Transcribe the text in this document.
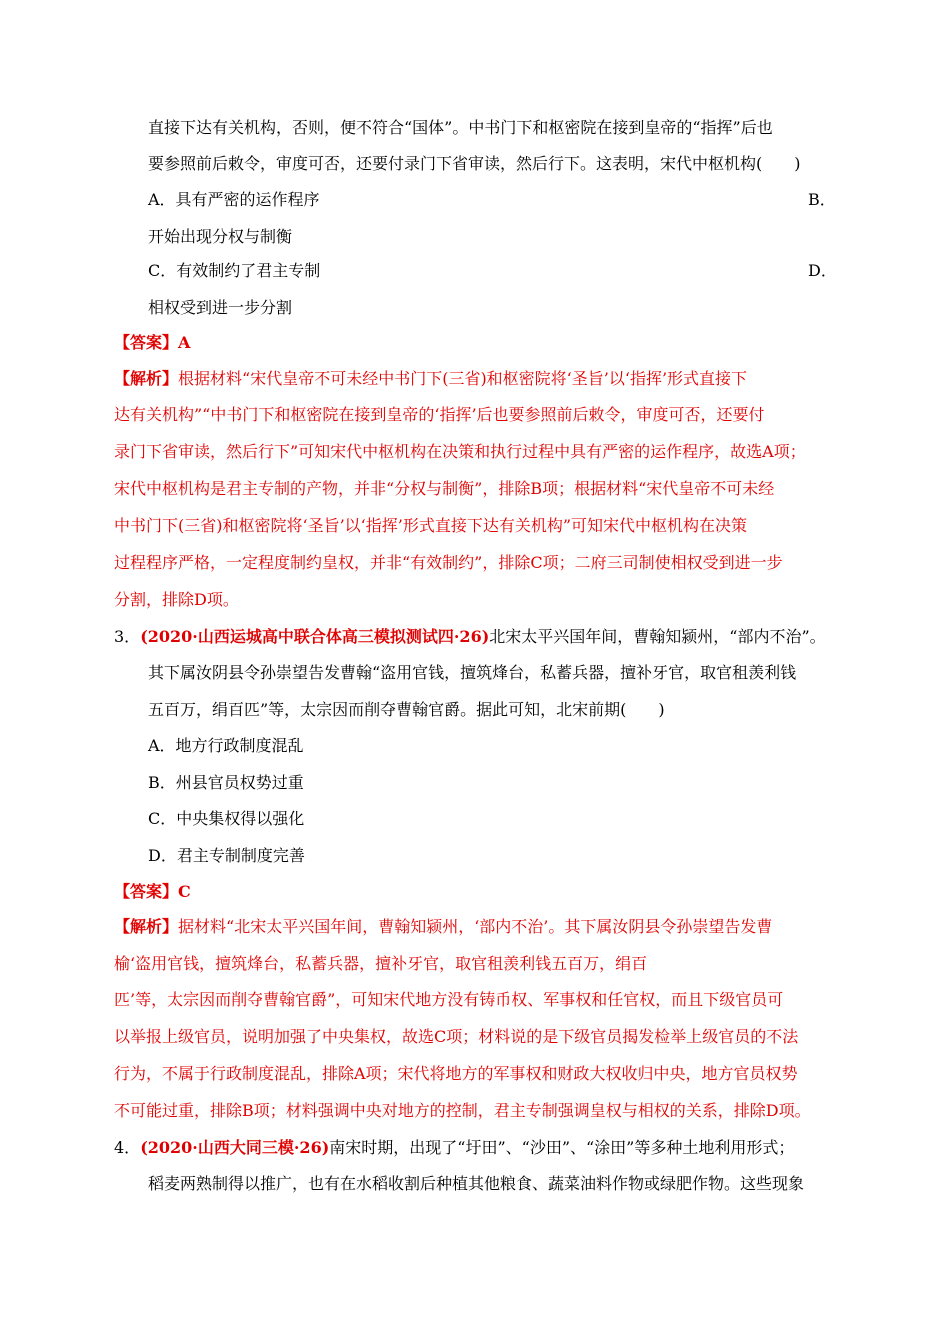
直接下达有关机构，否则，便不符合“国体”。中书门下和枢密院在接到皇帝的“指挥”后也
要参照前后敕令，审度可否，还要付录门下省审读，然后行下。这表明，宋代中枢机构(　　)
A．具有严密的运作程序	B．
开始出现分权与制衡
C．有效制约了君主专制	D．
相权受到进一步分割
【答案】A
【解析】根据材料“宋代皇帝不可未经中书门下(三省)和枢密院将‘圣旨’以‘指挥’形式直接下
达有关机构”“中书门下和枢密院在接到皇帝的‘指挥’后也要参照前后敕令，审度可否，还要付
录门下省审读，然后行下”可知宋代中枢机构在决策和执行过程中具有严密的运作程序，故选A项；
宋代中枢机构是君主专制的产物，并非“分权与制衡”，排除B项；根据材料“宋代皇帝不可未经
中书门下(三省)和枢密院将‘圣旨’以‘指挥’形式直接下达有关机构”可知宋代中枢机构在决策
过程程序严格，一定程度制约皇权，并非“有效制约”，排除C项；二府三司制使相权受到进一步
分割，排除D项。
3．(2020·山西运城高中联合体高三模拟测试四·26)北宋太平兴国年间，曹翰知颍州，“部内不治”。
其下属汝阴县令孙崇望告发曹翰“盗用官钱，擅筑烽台，私蓄兵器，擅补牙官，取官租羡利钱
五百万，绢百匹”等，太宗因而削夺曹翰官爵。据此可知，北宋前期(　　)
A．地方行政制度混乱
B．州县官员权势过重
C．中央集权得以强化
D．君主专制制度完善
【答案】C
【解析】据材料“北宋太平兴国年间，曹翰知颍州，‘部内不治’。其下属汝阴县令孙崇望告发曹
榆‘盗用官钱，擅筑烽台，私蓄兵器，擅补牙官，取官租羡利钱五百万，绢百
匹’等，太宗因而削夺曹翰官爵”，可知宋代地方没有铸币权、军事权和任官权，而且下级官员可
以举报上级官员，说明加强了中央集权，故选C项；材料说的是下级官员揭发检举上级官员的不法
行为，不属于行政制度混乱，排除A项；宋代将地方的军事权和财政大权收归中央，地方官员权势
不可能过重，排除B项；材料强调中央对地方的控制，君主专制强调皇权与相权的关系，排除D项。
4．(2020·山西大同三模·26)南宋时期，出现了“圩田”、“沙田”、“涂田”等多种土地利用形式；
稻麦两熟制得以推广，也有在水稻收割后种植其他粮食、蔬菜油料作物或绿肥作物。这些现象
